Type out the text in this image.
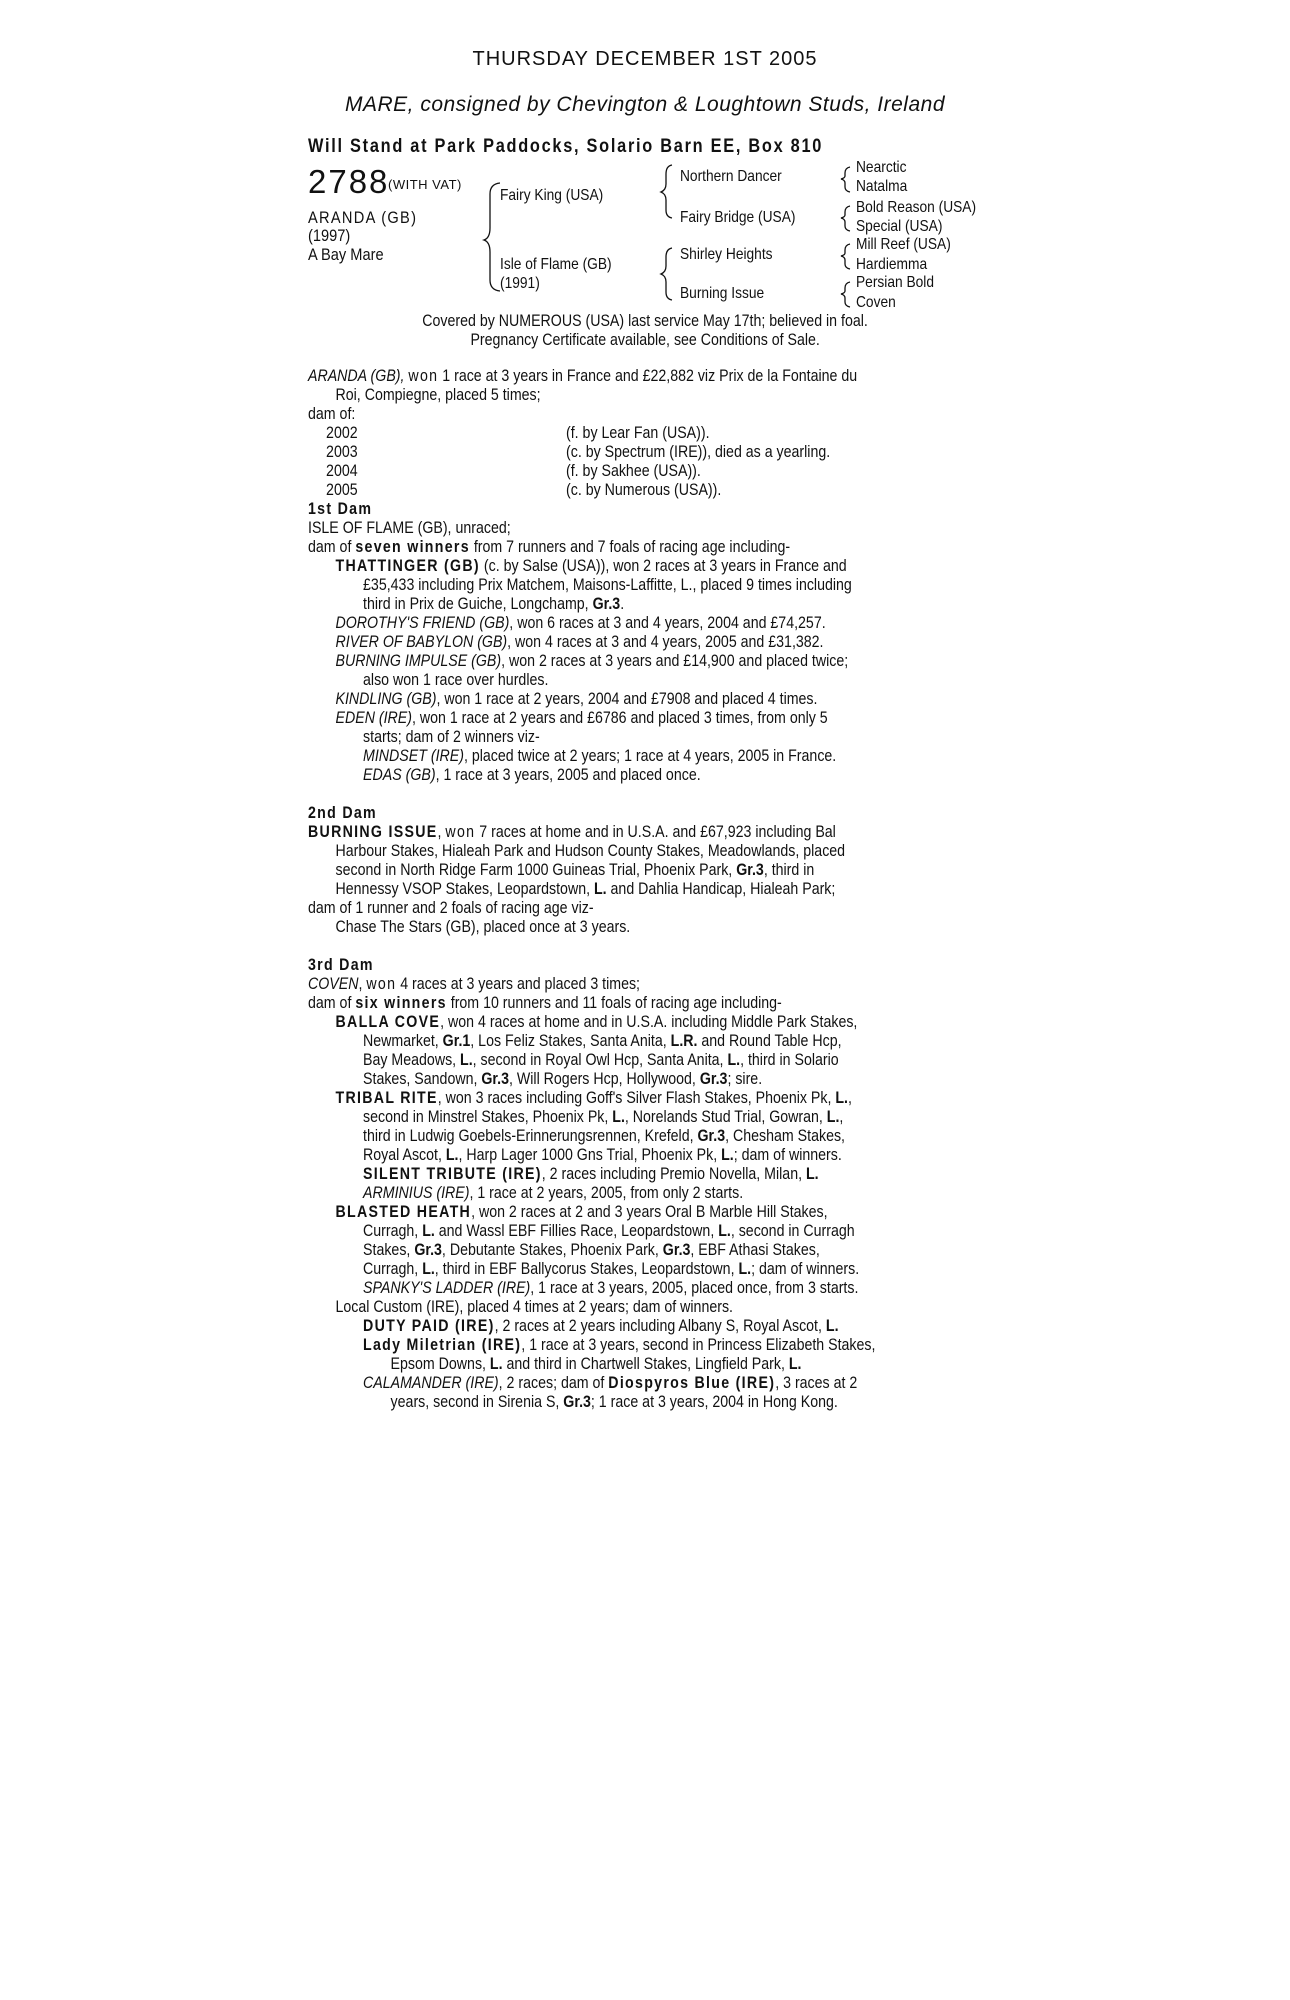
THURSDAY DECEMBER 1ST 2005
MARE, consigned by Chevington & Loughtown Studs, Ireland
Will Stand at Park Paddocks, Solario Barn EE, Box 810
2788
(WITH VAT)
ARANDA (GB)
(1997)
A Bay Mare
Fairy King (USA)
Isle of Flame (GB)
(1991)
Northern Dancer
Fairy Bridge (USA)
Shirley Heights
Burning Issue
Nearctic
Natalma
Bold Reason (USA)
Special (USA)
Mill Reef (USA)
Hardiemma
Persian Bold
Coven
Covered by NUMEROUS (USA) last service May 17th; believed in foal.
Pregnancy Certificate available, see Conditions of Sale.
ARANDA (GB), won 1 race at 3 years in France and £22,882 viz Prix de la Fontaine du
Roi, Compiegne, placed 5 times;
dam of:
2002	(f. by Lear Fan (USA)).
2003	(c. by Spectrum (IRE)), died as a yearling.
2004	(f. by Sakhee (USA)).
2005	(c. by Numerous (USA)).
1st Dam
ISLE OF FLAME (GB), unraced;
dam of seven winners from 7 runners and 7 foals of racing age including-
THATTINGER (GB) (c. by Salse (USA)), won 2 races at 3 years in France and
£35,433 including Prix Matchem, Maisons-Laffitte, L., placed 9 times including
third in Prix de Guiche, Longchamp, Gr.3.
DOROTHY'S FRIEND (GB), won 6 races at 3 and 4 years, 2004 and £74,257.
RIVER OF BABYLON (GB), won 4 races at 3 and 4 years, 2005 and £31,382.
BURNING IMPULSE (GB), won 2 races at 3 years and £14,900 and placed twice;
also won 1 race over hurdles.
KINDLING (GB), won 1 race at 2 years, 2004 and £7908 and placed 4 times.
EDEN (IRE), won 1 race at 2 years and £6786 and placed 3 times, from only 5
starts; dam of 2 winners viz-
MINDSET (IRE), placed twice at 2 years; 1 race at 4 years, 2005 in France.
EDAS (GB), 1 race at 3 years, 2005 and placed once.
2nd Dam
BURNING ISSUE, won 7 races at home and in U.S.A. and £67,923 including Bal
Harbour Stakes, Hialeah Park and Hudson County Stakes, Meadowlands, placed
second in North Ridge Farm 1000 Guineas Trial, Phoenix Park, Gr.3, third in
Hennessy VSOP Stakes, Leopardstown, L. and Dahlia Handicap, Hialeah Park;
dam of 1 runner and 2 foals of racing age viz-
Chase The Stars (GB), placed once at 3 years.
3rd Dam
COVEN, won 4 races at 3 years and placed 3 times;
dam of six winners from 10 runners and 11 foals of racing age including-
BALLA COVE, won 4 races at home and in U.S.A. including Middle Park Stakes,
Newmarket, Gr.1, Los Feliz Stakes, Santa Anita, L.R. and Round Table Hcp,
Bay Meadows, L., second in Royal Owl Hcp, Santa Anita, L., third in Solario
Stakes, Sandown, Gr.3, Will Rogers Hcp, Hollywood, Gr.3; sire.
TRIBAL RITE, won 3 races including Goff's Silver Flash Stakes, Phoenix Pk, L.,
second in Minstrel Stakes, Phoenix Pk, L., Norelands Stud Trial, Gowran, L.,
third in Ludwig Goebels-Erinnerungsrennen, Krefeld, Gr.3, Chesham Stakes,
Royal Ascot, L., Harp Lager 1000 Gns Trial, Phoenix Pk, L.; dam of winners.
SILENT TRIBUTE (IRE), 2 races including Premio Novella, Milan, L.
ARMINIUS (IRE), 1 race at 2 years, 2005, from only 2 starts.
BLASTED HEATH, won 2 races at 2 and 3 years Oral B Marble Hill Stakes,
Curragh, L. and Wassl EBF Fillies Race, Leopardstown, L., second in Curragh
Stakes, Gr.3, Debutante Stakes, Phoenix Park, Gr.3, EBF Athasi Stakes,
Curragh, L., third in EBF Ballycorus Stakes, Leopardstown, L.; dam of winners.
SPANKY'S LADDER (IRE), 1 race at 3 years, 2005, placed once, from 3 starts.
Local Custom (IRE), placed 4 times at 2 years; dam of winners.
DUTY PAID (IRE), 2 races at 2 years including Albany S, Royal Ascot, L.
Lady Miletrian (IRE), 1 race at 3 years, second in Princess Elizabeth Stakes,
Epsom Downs, L. and third in Chartwell Stakes, Lingfield Park, L.
CALAMANDER (IRE), 2 races; dam of Diospyros Blue (IRE), 3 races at 2
years, second in Sirenia S, Gr.3; 1 race at 3 years, 2004 in Hong Kong.
